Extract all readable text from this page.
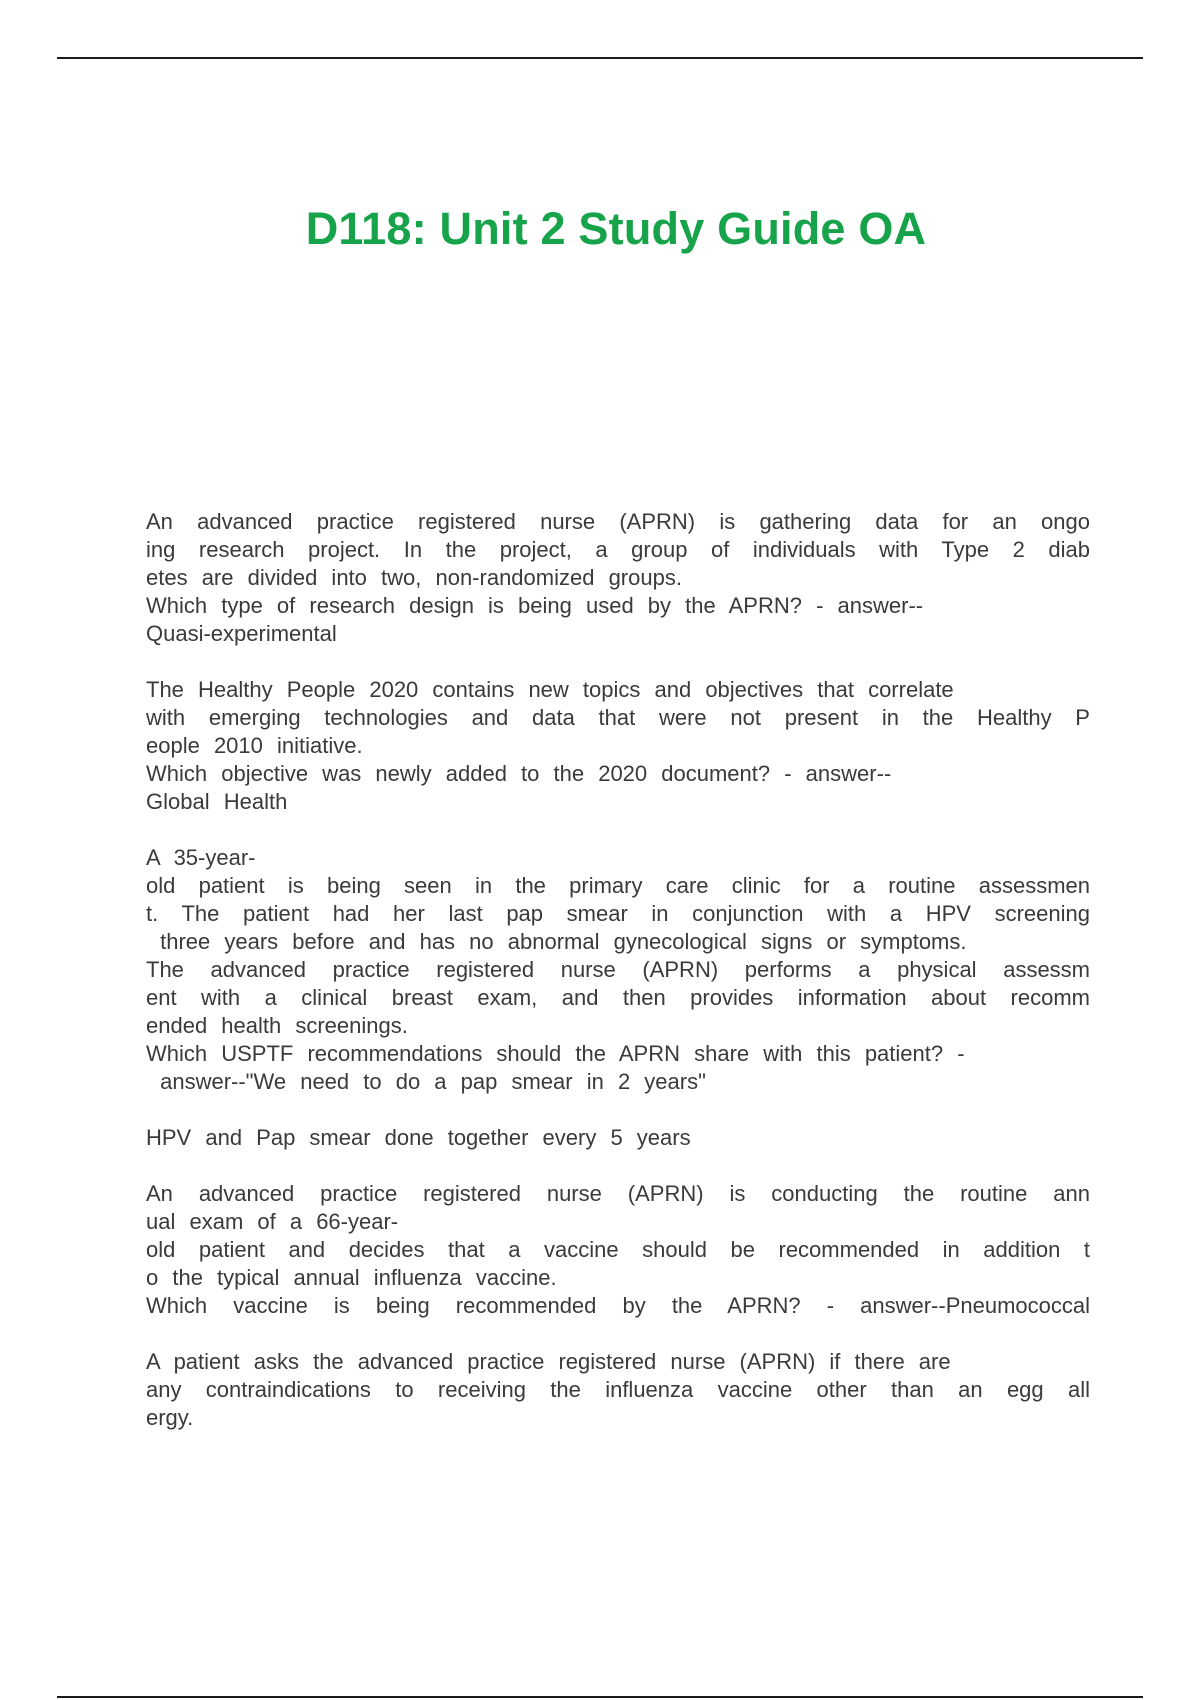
D118: Unit 2 Study Guide OA
An advanced practice registered nurse (APRN) is gathering data for an ongo
ing research project. In the project, a group of individuals with Type 2 diab
etes are divided into two, non-randomized groups.
Which type of research design is being used by the APRN? - answer--
Quasi-experimental
The Healthy People 2020 contains new topics and objectives that correlate
with emerging technologies and data that were not present in the Healthy P
eople 2010 initiative.
Which objective was newly added to the 2020 document? - answer--
Global Health
A 35-year-
old patient is being seen in the primary care clinic for a routine assessmen
t. The patient had her last pap smear in conjunction with a HPV screening
three years before and has no abnormal gynecological signs or symptoms.
The advanced practice registered nurse (APRN) performs a physical assessm
ent with a clinical breast exam, and then provides information about recomm
ended health screenings.
Which USPTF recommendations should the APRN share with this patient? -
answer--"We need to do a pap smear in 2 years"
HPV and Pap smear done together every 5 years
An advanced practice registered nurse (APRN) is conducting the routine ann
ual exam of a 66-year-
old patient and decides that a vaccine should be recommended in addition t
o the typical annual influenza vaccine.
Which vaccine is being recommended by the APRN? - answer--Pneumococcal
A patient asks the advanced practice registered nurse (APRN) if there are
any contraindications to receiving the influenza vaccine other than an egg all
ergy.
